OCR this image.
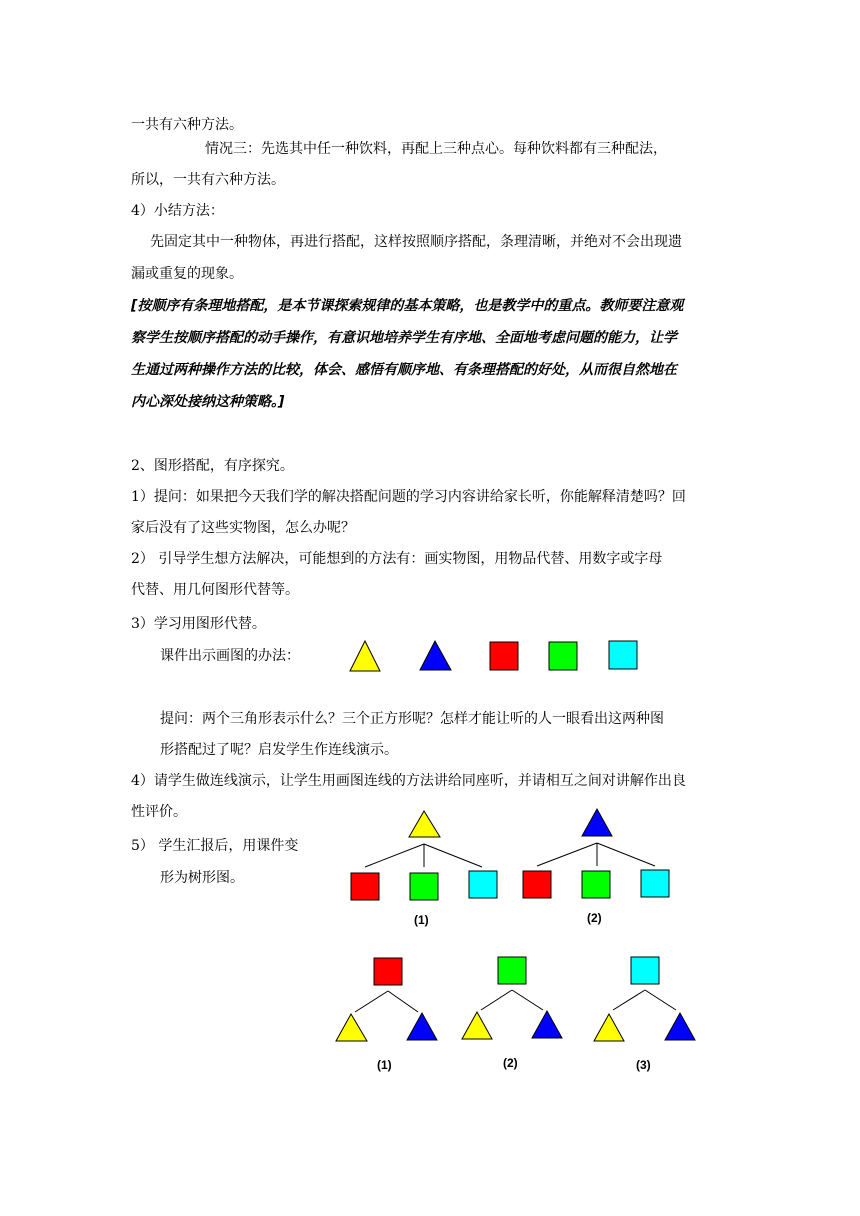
一共有六种方法。
情况三：先选其中任一种饮料，再配上三种点心。每种饮料都有三种配法，
所以，一共有六种方法。
4）小结方法：
先固定其中一种物体，再进行搭配，这样按照顺序搭配，条理清晰，并绝对不会出现遗
漏或重复的现象。
[按顺序有条理地搭配，是本节课探索规律的基本策略，也是教学中的重点。教师要注意观
察学生按顺序搭配的动手操作，有意识地培养学生有序地、全面地考虑问题的能力，让学
生通过两种操作方法的比较，体会、感悟有顺序地、有条理搭配的好处，从而很自然地在
内心深处接纳这种策略。]
2、图形搭配，有序探究。
1）提问：如果把今天我们学的解决搭配问题的学习内容讲给家长听，你能解释清楚吗？回
家后没有了这些实物图，怎么办呢？
2） 引导学生想方法解决，可能想到的方法有：画实物图，用物品代替、用数字或字母
代替、用几何图形代替等。
3）学习用图形代替。
课件出示画图的办法：
提问：两个三角形表示什么？三个正方形呢？怎样才能让听的人一眼看出这两种图
形搭配过了呢？启发学生作连线演示。
4）请学生做连线演示，让学生用画图连线的方法讲给同座听，并请相互之间对讲解作出良
性评价。
5） 学生汇报后，用课件变
形为树形图。
(1)	(2)
(1)	(2)	(3)
